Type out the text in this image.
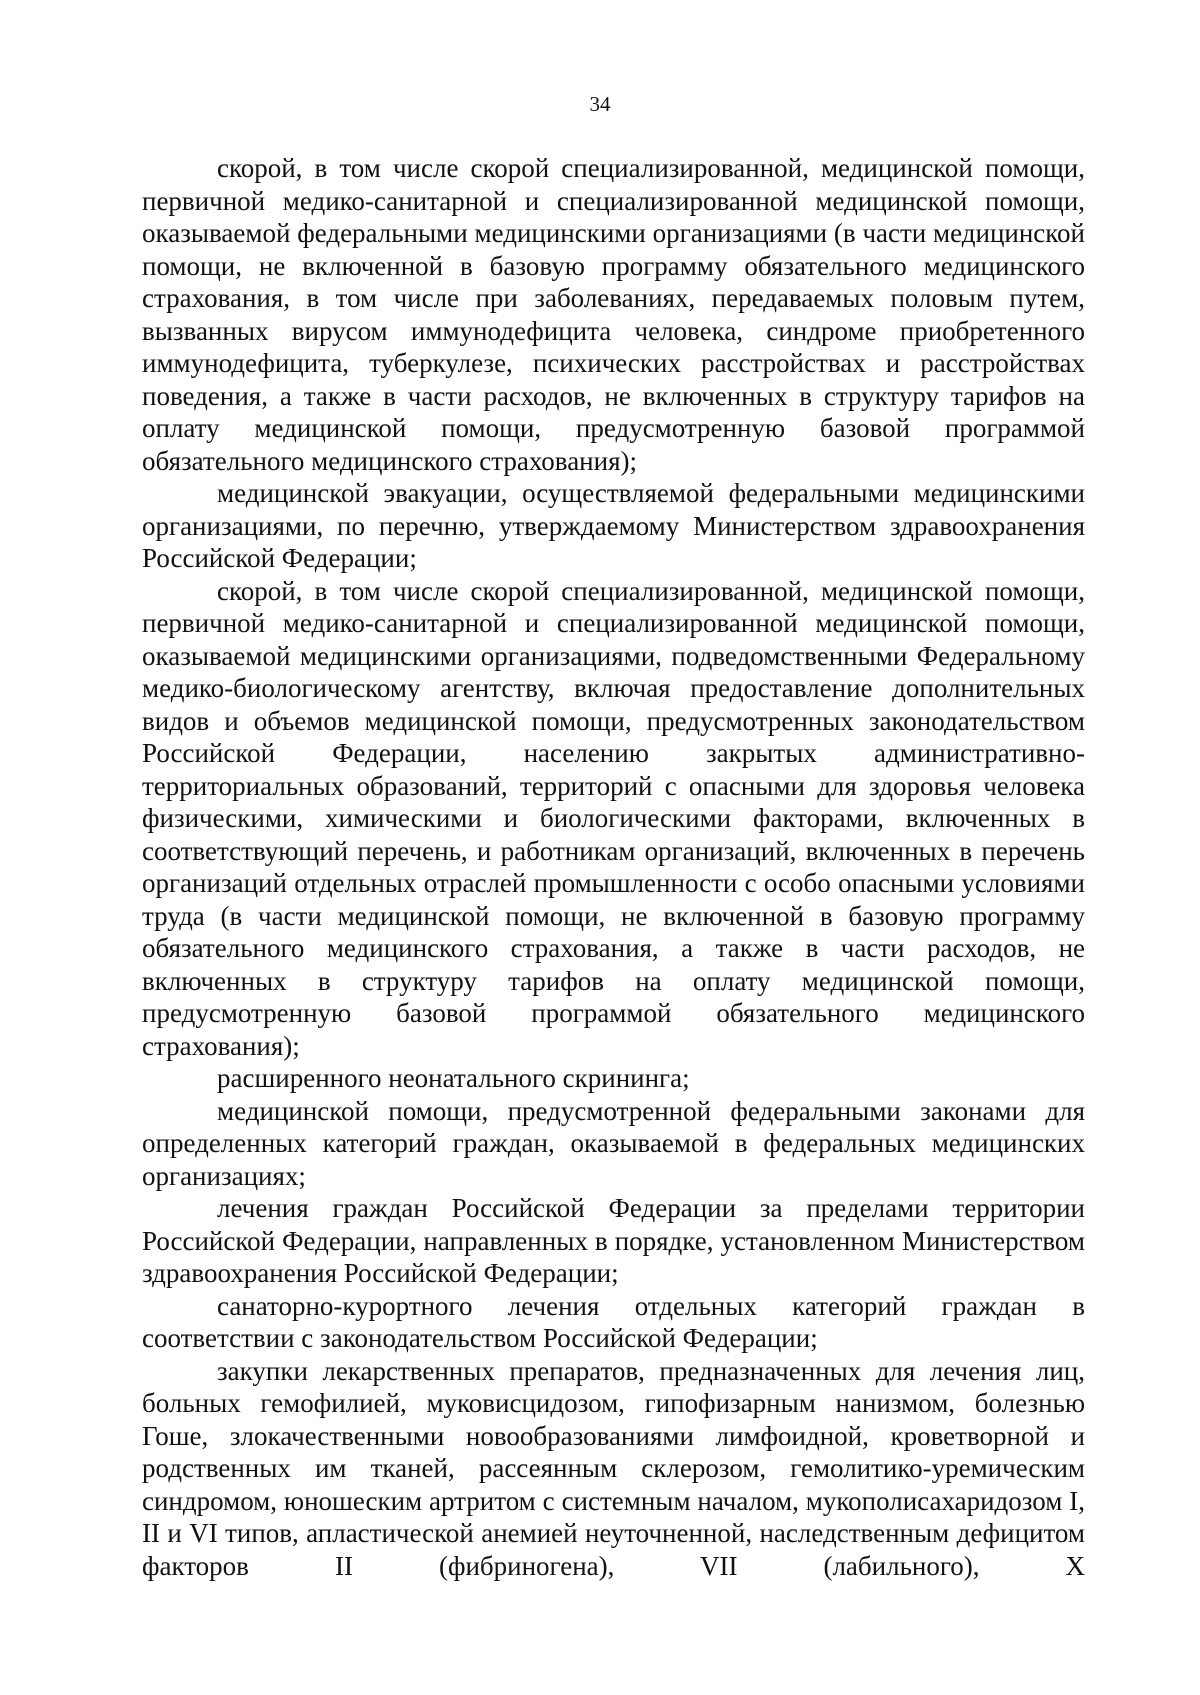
34

скорой, в том числе скорой специализированной, медицинской помощи, первичной медико-санитарной и специализированной медицинской помощи, оказываемой федеральными медицинскими организациями (в части медицинской помощи, не включенной в базовую программу обязательного медицинского страхования, в том числе при заболеваниях, передаваемых половым путем, вызванных вирусом иммунодефицита человека, синдроме приобретенного иммунодефицита, туберкулезе, психических расстройствах и расстройствах поведения, а также в части расходов, не включенных в структуру тарифов на оплату медицинской помощи, предусмотренную базовой программой обязательного медицинского страхования);

медицинской эвакуации, осуществляемой федеральными медицинскими организациями, по перечню, утверждаемому Министерством здравоохранения Российской Федерации;

скорой, в том числе скорой специализированной, медицинской помощи, первичной медико-санитарной и специализированной медицинской помощи, оказываемой медицинскими организациями, подведомственными Федеральному медико-биологическому агентству, включая предоставление дополнительных видов и объемов медицинской помощи, предусмотренных законодательством Российской Федерации, населению закрытых административно-территориальных образований, территорий с опасными для здоровья человека физическими, химическими и биологическими факторами, включенных в соответствующий перечень, и работникам организаций, включенных в перечень организаций отдельных отраслей промышленности с особо опасными условиями труда (в части медицинской помощи, не включенной в базовую программу обязательного медицинского страхования, а также в части расходов, не включенных в структуру тарифов на оплату медицинской помощи, предусмотренную базовой программой обязательного медицинского страхования);

расширенного неонатального скрининга;

медицинской помощи, предусмотренной федеральными законами для определенных категорий граждан, оказываемой в федеральных медицинских организациях;

лечения граждан Российской Федерации за пределами территории Российской Федерации, направленных в порядке, установленном Министерством здравоохранения Российской Федерации;

санаторно-курортного лечения отдельных категорий граждан в соответствии с законодательством Российской Федерации;

закупки лекарственных препаратов, предназначенных для лечения лиц, больных гемофилией, муковисцидозом, гипофизарным нанизмом, болезнью Гоше, злокачественными новообразованиями лимфоидной, кроветворной и родственных им тканей, рассеянным склерозом, гемолитико-уремическим синдромом, юношеским артритом с системным началом, мукополисахаридозом I, II и VI типов, апластической анемией неуточненной, наследственным дефицитом факторов II (фибриногена), VII (лабильного), X
